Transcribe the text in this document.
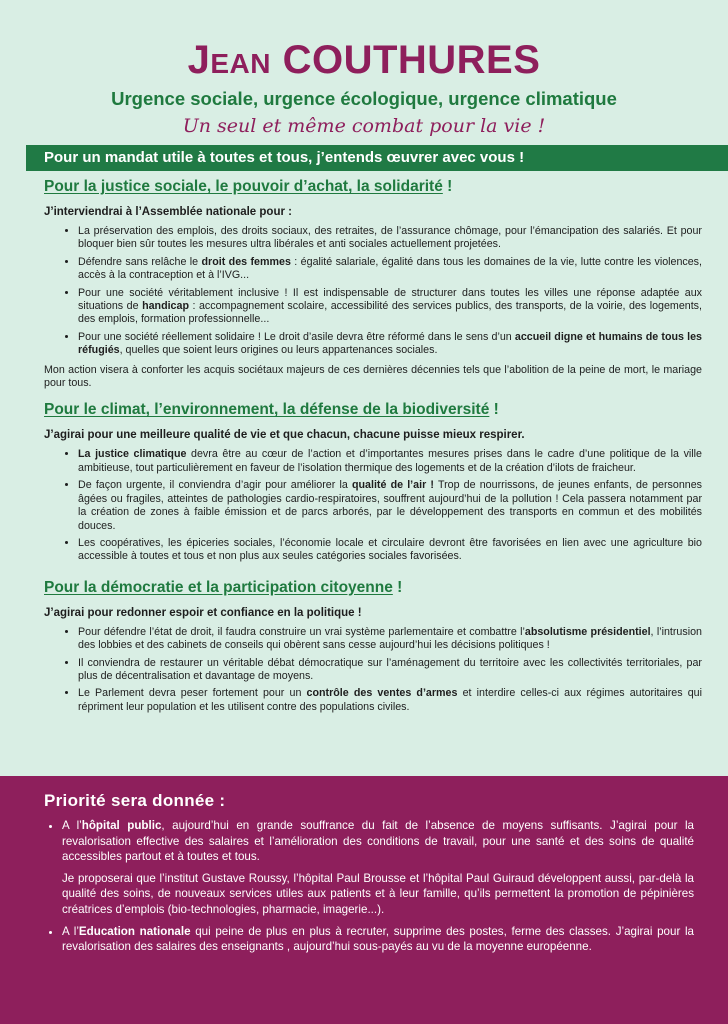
Jean COUTHURES
Urgence sociale, urgence écologique, urgence climatique
Un seul et même combat pour la vie !
Pour un mandat utile à toutes et tous, j’entends œuvrer avec vous !
Pour la justice sociale, le pouvoir d’achat, la solidarité !
J’interviendrai à l’Assemblée nationale pour :
• La préservation des emplois, des droits sociaux, des retraites, de l’assurance chômage, pour l’émancipation des salariés. Et pour bloquer bien sûr toutes les mesures ultra libérales et anti sociales actuellement projetées.
• Défendre sans relâche le droit des femmes : égalité salariale, égalité dans tous les domaines de la vie, lutte contre les violences, accès à la contraception et à l’IVG...
• Pour une société véritablement inclusive ! Il est indispensable de structurer dans toutes les villes une réponse adaptée aux situations de handicap : accompagnement scolaire, accessibilité des services publics, des transports, de la voirie, des logements, des emplois, formation professionnelle...
• Pour une société réellement solidaire ! Le droit d’asile devra être réformé dans le sens d’un accueil digne et humains de tous les réfugiés, quelles que soient leurs origines ou leurs appartenances sociales.
Mon action visera à conforter les acquis sociétaux majeurs de ces dernières décennies tels que l’abolition de la peine de mort, le mariage pour tous.
Pour le climat, l’environnement, la défense de la biodiversité !
J’agirai pour une meilleure qualité de vie et que chacun, chacune puisse mieux respirer.
• La justice climatique devra être au cœur de l’action et d’importantes mesures prises dans le cadre d’une politique de la ville ambitieuse, tout particulièrement en faveur de l’isolation thermique des logements et de la création d’ilots de fraicheur.
• De façon urgente, il conviendra d’agir pour améliorer la qualité de l’air ! Trop de nourrissons, de jeunes enfants, de personnes âgées ou fragiles, atteintes de pathologies cardio-respiratoires, souffrent aujourd’hui de la pollution ! Cela passera notamment par la création de zones à faible émission et de parcs arborés, par le développement des transports en commun et des mobilités douces.
• Les coopératives, les épiceries sociales, l’économie locale et circulaire devront être favorisées en lien avec une agriculture bio accessible à toutes et tous et non plus aux seules catégories sociales favorisées.
Pour la démocratie et la participation citoyenne !
J’agirai pour redonner espoir et confiance en la politique !
• Pour défendre l’état de droit, il faudra construire un vrai système parlementaire et combattre l’absolutisme présidentiel, l’intrusion des lobbies et des cabinets de conseils qui obèrent sans cesse aujourd’hui les décisions politiques !
• Il conviendra de restaurer un véritable débat démocratique sur l’aménagement du territoire avec les collectivités territoriales, par plus de décentralisation et davantage de moyens.
• Le Parlement devra peser fortement pour un contrôle des ventes d’armes et interdire celles-ci aux régimes autoritaires qui répriment leur population et les utilisent contre des populations civiles.
Priorité sera donnée :
• A l’hôpital public, aujourd’hui en grande souffrance du fait de l’absence de moyens suffisants. J’agirai pour la revalorisation effective des salaires et l’amélioration des conditions de travail, pour une santé et des soins de qualité accessibles partout et à toutes et tous.
Je proposerai que l’institut Gustave Roussy, l’hôpital Paul Brousse et l’hôpital Paul Guiraud développent aussi, par-delà la qualité des soins, de nouveaux services utiles aux patients et à leur famille, qu’ils permettent la promotion de pépinières créatrices d’emplois (bio-technologies, pharmacie, imagerie...).
• A l’Education nationale qui peine de plus en plus à recruter, supprime des postes, ferme des classes. J’agirai pour la revalorisation des salaires des enseignants , aujourd’hui sous-payés au vu de la moyenne européenne.
